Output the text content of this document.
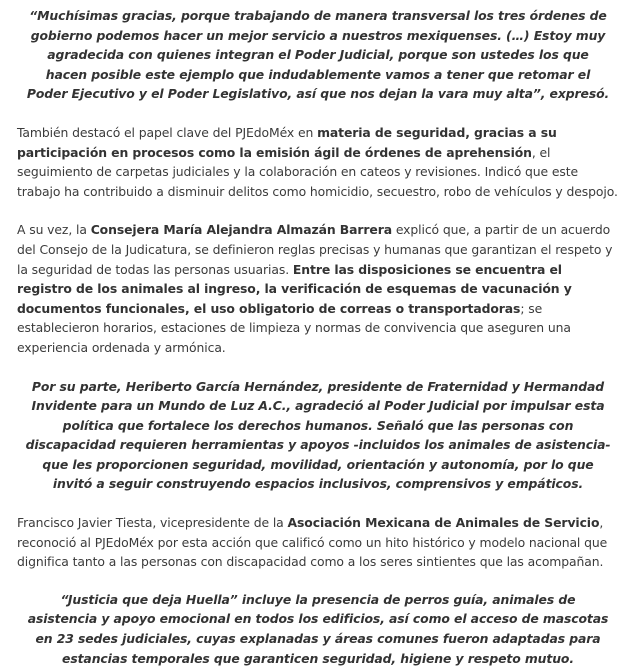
“Muchísimas gracias, porque trabajando de manera transversal los tres órdenes de gobierno podemos hacer un mejor servicio a nuestros mexiquenses. (…) Estoy muy agradecida con quienes integran el Poder Judicial, porque son ustedes los que hacen posible este ejemplo que indudablemente vamos a tener que retomar el Poder Ejecutivo y el Poder Legislativo, así que nos dejan la vara muy alta”, expresó.

También destacó el papel clave del PJEdoMéx en materia de seguridad, gracias a su participación en procesos como la emisión ágil de órdenes de aprehensión, el seguimiento de carpetas judiciales y la colaboración en cateos y revisiones. Indicó que este trabajo ha contribuido a disminuir delitos como homicidio, secuestro, robo de vehículos y despojo.

A su vez, la Consejera María Alejandra Almazán Barrera explicó que, a partir de un acuerdo del Consejo de la Judicatura, se definieron reglas precisas y humanas que garantizan el respeto y la seguridad de todas las personas usuarias. Entre las disposiciones se encuentra el registro de los animales al ingreso, la verificación de esquemas de vacunación y documentos funcionales, el uso obligatorio de correas o transportadoras; se establecieron horarios, estaciones de limpieza y normas de convivencia que aseguren una experiencia ordenada y armónica.

Por su parte, Heriberto García Hernández, presidente de Fraternidad y Hermandad Invidente para un Mundo de Luz A.C., agradeció al Poder Judicial por impulsar esta política que fortalece los derechos humanos. Señaló que las personas con discapacidad requieren herramientas y apoyos -incluidos los animales de asistencia- que les proporcionen seguridad, movilidad, orientación y autonomía, por lo que invitó a seguir construyendo espacios inclusivos, comprensivos y empáticos.

Francisco Javier Tiesta, vicepresidente de la Asociación Mexicana de Animales de Servicio, reconoció al PJEdoMéx por esta acción que calificó como un hito histórico y modelo nacional que dignifica tanto a las personas con discapacidad como a los seres sintientes que las acompañan.

“Justicia que deja Huella” incluye la presencia de perros guía, animales de asistencia y apoyo emocional en todos los edificios, así como el acceso de mascotas en 23 sedes judiciales, cuyas explanadas y áreas comunes fueron adaptadas para estancias temporales que garanticen seguridad, higiene y respeto mutuo.
